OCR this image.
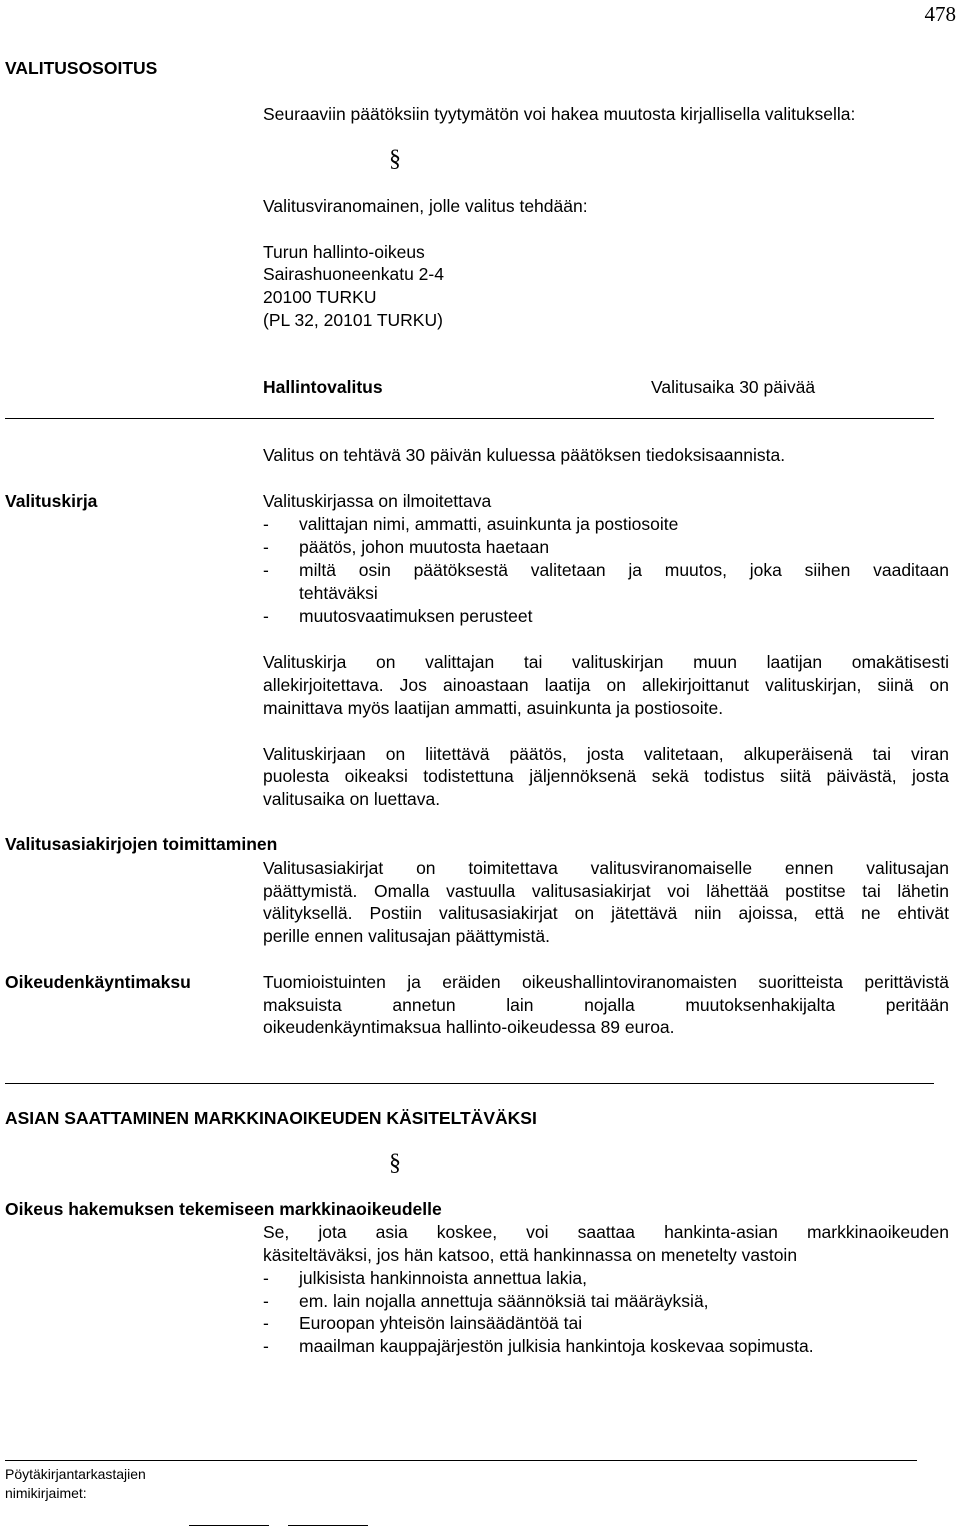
478
VALITUSOSOITUS
Seuraaviin päätöksiin tyytymätön voi hakea muutosta kirjallisella valituksella:
§
Valitusviranomainen, jolle valitus tehdään:
Turun hallinto-oikeus
Sairashuoneenkatu 2-4
20100 TURKU
(PL 32, 20101 TURKU)
Hallintovalitus	Valitusaika 30 päivää
Valitus on tehtävä 30 päivän kuluessa päätöksen tiedoksisaannista.
Valituskirja	Valituskirjassa on ilmoitettava
- valittajan nimi, ammatti, asuinkunta ja postiosoite
- päätös, johon muutosta haetaan
- miltä osin päätöksestä valitetaan ja muutos, joka siihen vaaditaan
tehtäväksi
- muutosvaatimuksen perusteet
Valituskirja on valittajan tai valituskirjan muun laatijan omakätisesti
allekirjoitettava. Jos ainoastaan laatija on allekirjoittanut valituskirjan, siinä on
mainittava myös laatijan ammatti, asuinkunta ja postiosoite.
Valituskirjaan on liitettävä päätös, josta valitetaan, alkuperäisenä tai viran
puolesta oikeaksi todistettuna jäljennöksenä sekä todistus siitä päivästä, josta
valitusaika on luettava.
Valitusasiakirjojen toimittaminen
Valitusasiakirjat on toimitettava valitusviranomaiselle ennen valitusajan
päättymistä. Omalla vastuulla valitusasiakirjat voi lähettää postitse tai lähetin
välityksellä. Postiin valitusasiakirjat on jätettävä niin ajoissa, että ne ehtivät
perille ennen valitusajan päättymistä.
Oikeudenkäyntimaksu	Tuomioistuinten ja eräiden oikeushallintoviranomaisten suoritteista perittävistä
maksuista annetun lain nojalla muutoksenhakijalta peritään
oikeudenkäyntimaksua hallinto-oikeudessa 89 euroa.
ASIAN SAATTAMINEN MARKKINAOIKEUDEN KÄSITELTÄVÄKSI
§
Oikeus hakemuksen tekemiseen markkinaoikeudelle
Se, jota asia koskee, voi saattaa hankinta-asian markkinaoikeuden
käsiteltäväksi, jos hän katsoo, että hankinnassa on menetelty vastoin
- julkisista hankinnoista annettua lakia,
- em. lain nojalla annettuja säännöksiä tai määräyksiä,
- Euroopan yhteisön lainsäädäntöä tai
- maailman kauppajärjestön julkisia hankintoja koskevaa sopimusta.
Pöytäkirjantarkastajien
nimikirjaimet:
